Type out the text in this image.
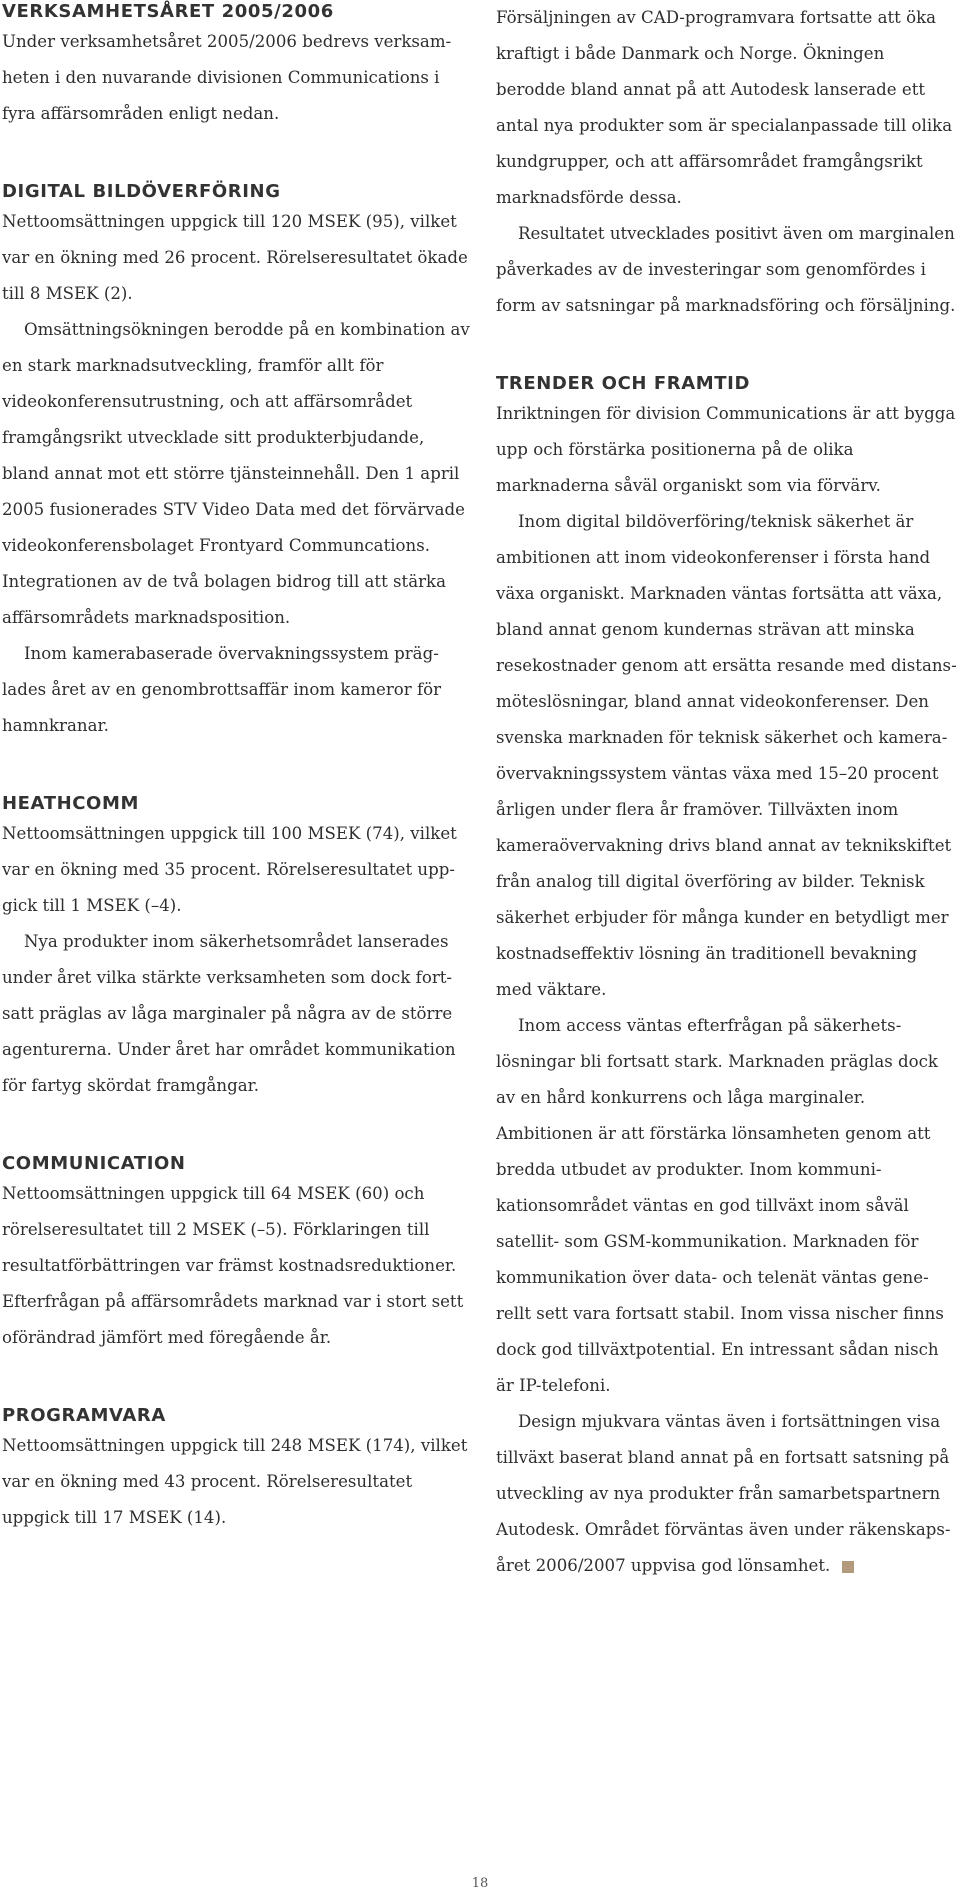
VERKSAMHETSÅRET 2005/2006

Under verksamhetsåret 2005/2006 bedrevs verksamheten i den nuvarande divisionen Communications i fyra affärsområden enligt nedan.

DIGITAL BILDÖVERFÖRING

Nettoomsättningen uppgick till 120 MSEK (95), vilket var en ökning med 26 procent. Rörelseresultatet ökade till 8 MSEK (2).

Omsättningsökningen berodde på en kombination av en stark marknadsutveckling, framför allt för videokonferensutrustning, och att affärsområdet framgångsrikt utvecklade sitt produkterbjudande, bland annat mot ett större tjänsteinnehåll. Den 1 april 2005 fusionerades STV Video Data med det förvärvade videokonferensbolaget Frontyard Communcations. Integrationen av de två bolagen bidrog till att stärka affärsområdets marknadsposition.

Inom kamerabaserade övervakningssystem präglades året av en genombrottsaffär inom kameror för hamnkranar.

HEATHCOMM

Nettoomsättningen uppgick till 100 MSEK (74), vilket var en ökning med 35 procent. Rörelseresultatet uppgick till 1 MSEK (–4).

Nya produkter inom säkerhetsområdet lanserades under året vilka stärkte verksamheten som dock fortsatt präglas av låga marginaler på några av de större agenturerna. Under året har området kommunikation för fartyg skördat framgångar.

COMMUNICATION

Nettoomsättningen uppgick till 64 MSEK (60) och rörelseresultatet till 2 MSEK (–5). Förklaringen till resultatförbättringen var främst kostnadsreduktioner. Efterfrågan på affärsområdets marknad var i stort sett oförändrad jämfört med föregående år.

PROGRAMVARA

Nettoomsättningen uppgick till 248 MSEK (174), vilket var en ökning med 43 procent. Rörelseresultatet uppgick till 17 MSEK (14).

Försäljningen av CAD-programvara fortsatte att öka kraftigt i både Danmark och Norge. Ökningen berodde bland annat på att Autodesk lanserade ett antal nya produkter som är specialanpassade till olika kundgrupper, och att affärsområdet framgångsrikt marknadsförde dessa.

Resultatet utvecklades positivt även om marginalen påverkades av de investeringar som genomfördes i form av satsningar på marknadsföring och försäljning.

TRENDER OCH FRAMTID

Inriktningen för division Communications är att bygga upp och förstärka positionerna på de olika marknaderna såväl organiskt som via förvärv.

Inom digital bildöverföring/teknisk säkerhet är ambitionen att inom videokonferenser i första hand växa organiskt. Marknaden väntas fortsätta att växa, bland annat genom kundernas strävan att minska resekostnader genom att ersätta resande med distansmöteslösningar, bland annat videokonferenser. Den svenska marknaden för teknisk säkerhet och kameraövervakningssystem väntas växa med 15–20 procent årligen under flera år framöver. Tillväxten inom kameraövervakning drivs bland annat av teknikskiftet från analog till digital överföring av bilder. Teknisk säkerhet erbjuder för många kunder en betydligt mer kostnadseffektiv lösning än traditionell bevakning med väktare.

Inom access väntas efterfrågan på säkerhetslösningar bli fortsatt stark. Marknaden präglas dock av en hård konkurrens och låga marginaler. Ambitionen är att förstärka lönsamheten genom att bredda utbudet av produkter. Inom kommunikationsområdet väntas en god tillväxt inom såväl satellit- som GSM-kommunikation. Marknaden för kommunikation över data- och telenät väntas generellt sett vara fortsatt stabil. Inom vissa nischer finns dock god tillväxtpotential. En intressant sådan nisch är IP-telefoni.

Design mjukvara väntas även i fortsättningen visa tillväxt baserat bland annat på en fortsatt satsning på utveckling av nya produkter från samarbetspartnern Autodesk. Området förväntas även under räkenskapsåret 2006/2007 uppvisa god lönsamhet.

18
